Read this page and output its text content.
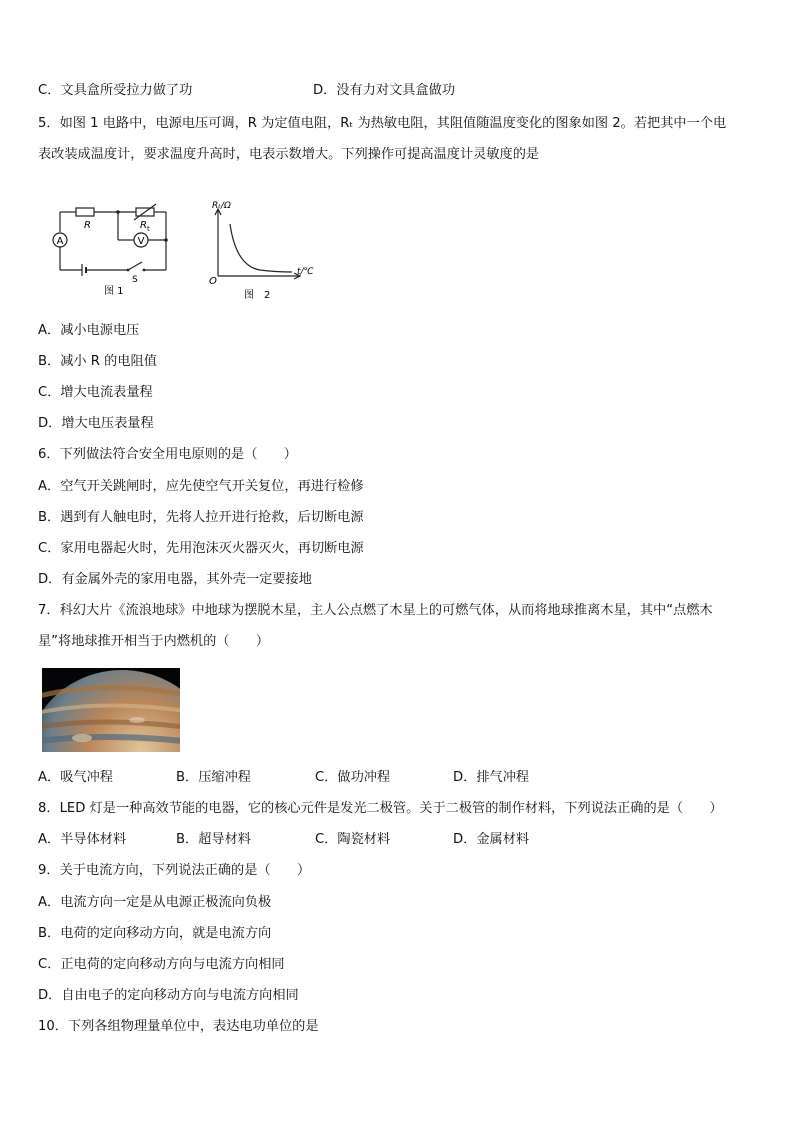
C．文具盒所受拉力做了功	D．没有力对文具盒做功
5．如图 1 电路中，电源电压可调，R 为定值电阻，Rₜ 为热敏电阻，其阻值随温度变化的图象如图 2。若把其中一个电
表改装成温度计，要求温度升高时，电表示数增大。下列操作可提高温度计灵敏度的是
A	V
R	R t
S
图 1
Rₜ/Ω
t/℃
O
图　2
A．减小电源电压
B．减小 R 的电阻值
C．增大电流表量程
D．增大电压表量程
6．下列做法符合安全用电原则的是（　　）
A．空气开关跳闸时，应先使空气开关复位，再进行检修
B．遇到有人触电时，先将人拉开进行抢救，后切断电源
C．家用电器起火时，先用泡沫灭火器灭火，再切断电源
D．有金属外壳的家用电器，其外壳一定要接地
7．科幻大片《流浪地球》中地球为摆脱木星，主人公点燃了木星上的可燃气体，从而将地球推离木星，其中“点燃木
星”将地球推开相当于内燃机的（　　）
A．吸气冲程	B．压缩冲程	C．做功冲程	D．排气冲程
8．LED 灯是一种高效节能的电器，它的核心元件是发光二极管。关于二极管的制作材料，下列说法正确的是（　　）
A．半导体材料	B．超导材料	C．陶瓷材料	D．金属材料
9．关于电流方向，下列说法正确的是（　　）
A．电流方向一定是从电源正极流向负极
B．电荷的定向移动方向，就是电流方向
C．正电荷的定向移动方向与电流方向相同
D．自由电子的定向移动方向与电流方向相同
10．下列各组物理量单位中，表达电功单位的是
